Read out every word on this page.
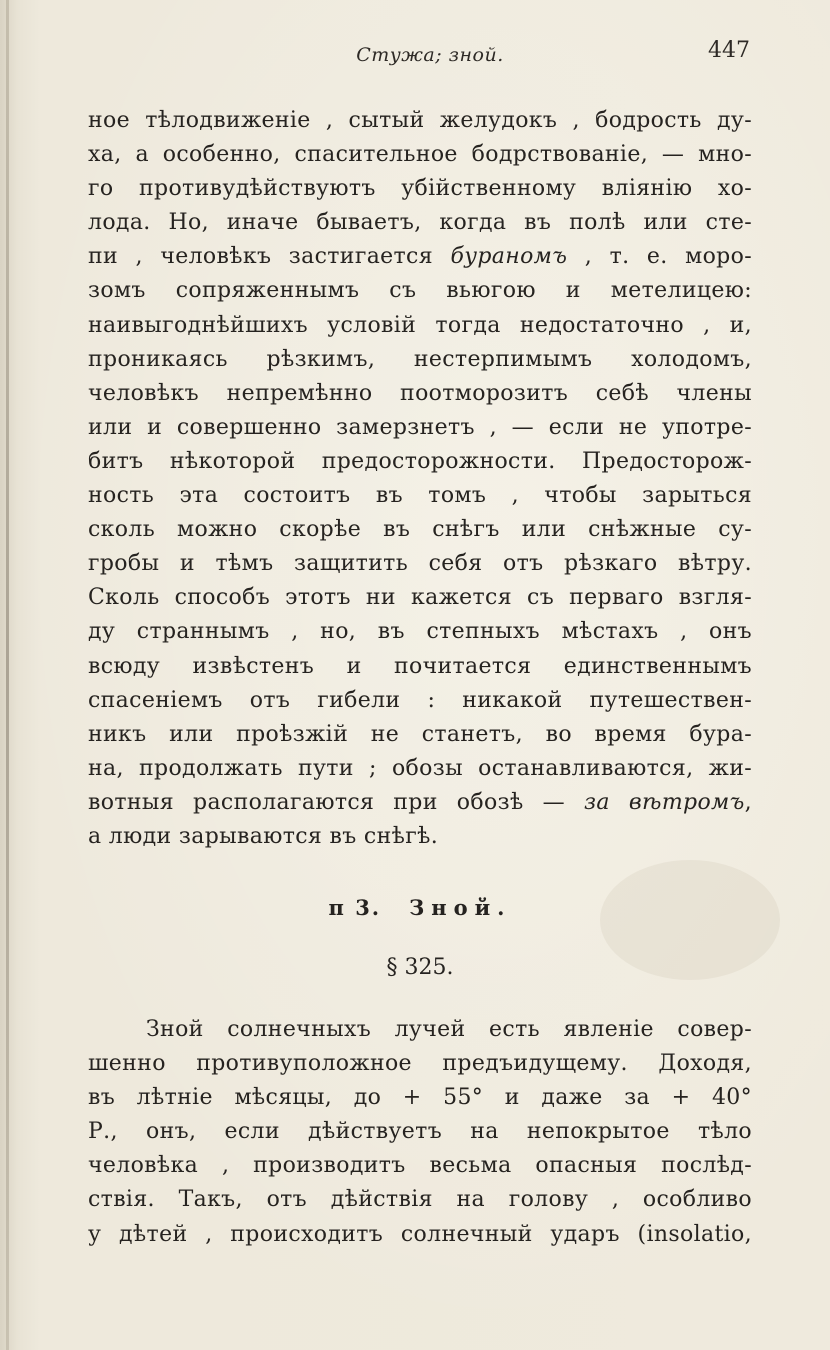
Стужа; зной.	447
ное тѣлодвиженіе , сытый желудокъ , бодрость ду-
ха, а особенно, спасительное бодрствованіе, — мно-
го противудѣйствуютъ убійственному вліянію хо-
лода. Но, иначе бываетъ, когда въ полѣ или сте-
пи , человѣкъ застигается бураномъ , т. е. моро-
зомъ сопряженнымъ съ вьюгою и метелицею:
наивыгоднѣйшихъ условій тогда недостаточно , и,
проникаясь рѣзкимъ, нестерпимымъ холодомъ,
человѣкъ непремѣнно поотморозитъ себѣ члены
или и совершенно замерзнетъ , — если не употре-
битъ нѣкоторой предосторожности. Предосторож-
ность эта состоитъ въ томъ , чтобы зарыться
сколь можно скорѣе въ снѣгъ или снѣжные су-
гробы и тѣмъ защитить себя отъ рѣзкаго вѣтру.
Сколь способъ этотъ ни кажется съ перваго взгля-
ду страннымъ , но, въ степныхъ мѣстахъ , онъ
всюду извѣстенъ и почитается единственнымъ
спасеніемъ отъ гибели : никакой путешествен-
никъ или проѣзжій не станетъ, во время бура-
на, продолжать пути ; обозы останавливаются, жи-
вотныя располагаются при обозѣ — за вѣтромъ,
а люди зарываются въ снѣгѣ.
п 3. Зной.
§ 325.
Зной солнечныхъ лучей есть явленіе совер-
шенно противуположное предъидущему. Доходя,
въ лѣтніе мѣсяцы, до + 55° и даже за + 40°
Р., онъ, если дѣйствуетъ на непокрытое тѣло
человѣка , производитъ весьма опасныя послѣд-
ствія. Такъ, отъ дѣйствія на голову , особливо
у дѣтей , происходитъ солнечный ударъ (insolatio,
